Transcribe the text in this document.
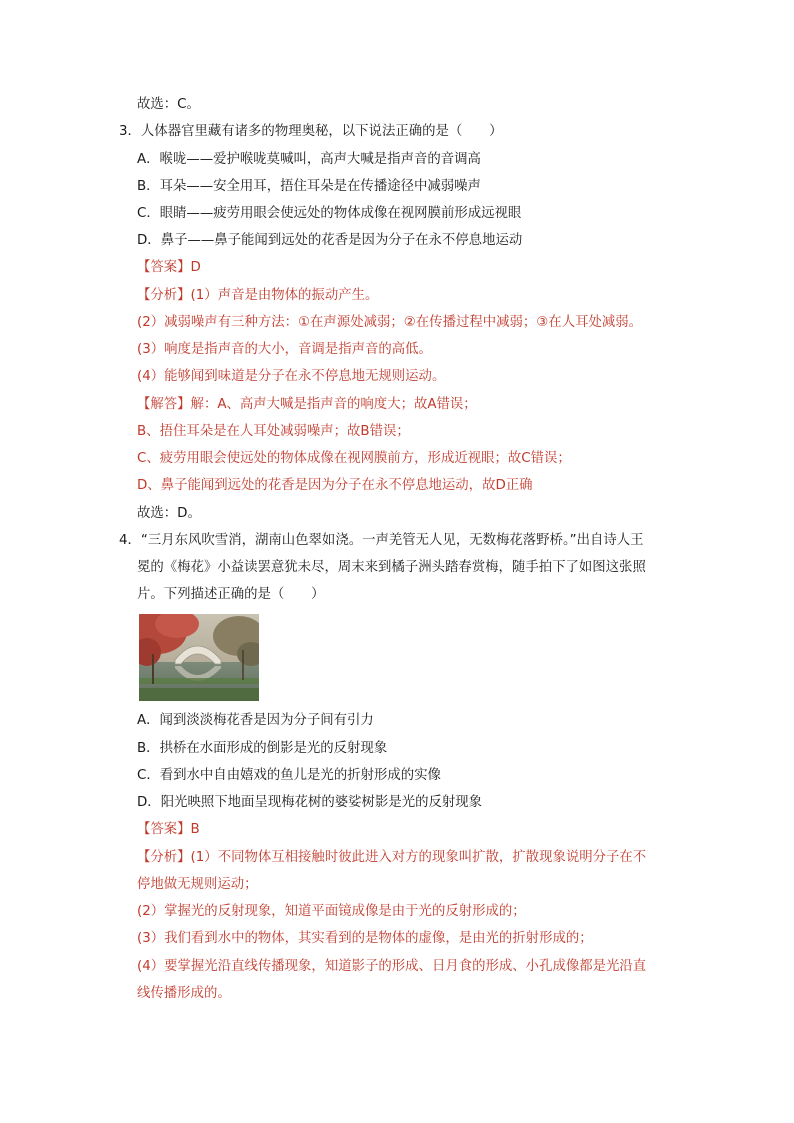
故选：C。
3．人体器官里藏有诸多的物理奥秘，以下说法正确的是（　　）
A．喉咙——爱护喉咙莫喊叫，高声大喊是指声音的音调高
B．耳朵——安全用耳，捂住耳朵是在传播途径中减弱噪声
C．眼睛——疲劳用眼会使远处的物体成像在视网膜前形成远视眼
D．鼻子——鼻子能闻到远处的花香是因为分子在永不停息地运动
【答案】D
【分析】(1）声音是由物体的振动产生。
(2）减弱噪声有三种方法：①在声源处减弱；②在传播过程中减弱；③在人耳处减弱。
(3）响度是指声音的大小，音调是指声音的高低。
(4）能够闻到味道是分子在永不停息地无规则运动。
【解答】解：A、高声大喊是指声音的响度大；故A错误；
B、捂住耳朵是在人耳处减弱噪声；故B错误；
C、疲劳用眼会使远处的物体成像在视网膜前方，形成近视眼；故C错误；
D、鼻子能闻到远处的花香是因为分子在永不停息地运动，故D正确
故选：D。
4．“三月东风吹雪消，湖南山色翠如浇。一声羌管无人见，无数梅花落野桥。”出自诗人王
冕的《梅花》小益读罢意犹未尽，周末来到橘子洲头踏春赏梅，随手拍下了如图这张照
片。下列描述正确的是（　　）
A．闻到淡淡梅花香是因为分子间有引力
B．拱桥在水面形成的倒影是光的反射现象
C．看到水中自由嬉戏的鱼儿是光的折射形成的实像
D．阳光映照下地面呈现梅花树的婆娑树影是光的反射现象
【答案】B
【分析】(1）不同物体互相接触时彼此进入对方的现象叫扩散，扩散现象说明分子在不
停地做无规则运动；
(2）掌握光的反射现象，知道平面镜成像是由于光的反射形成的；
(3）我们看到水中的物体，其实看到的是物体的虚像，是由光的折射形成的；
(4）要掌握光沿直线传播现象，知道影子的形成、日月食的形成、小孔成像都是光沿直
线传播形成的。
